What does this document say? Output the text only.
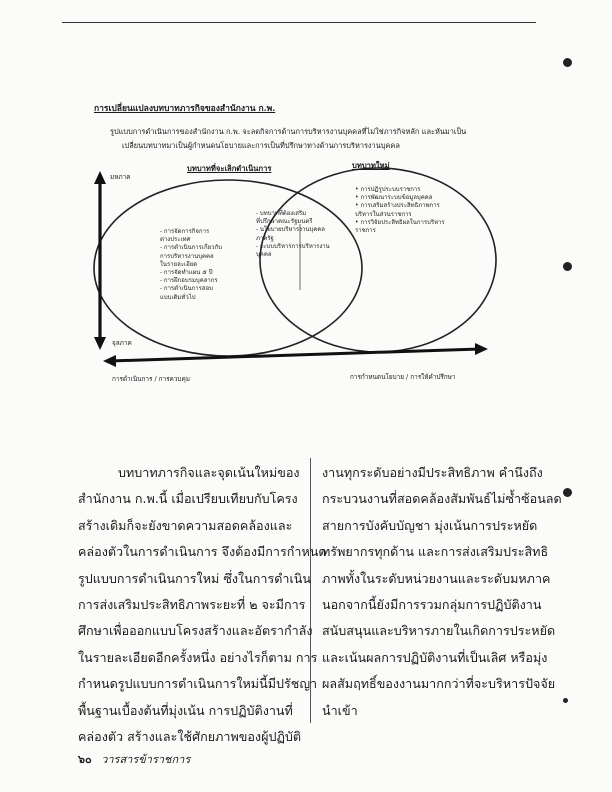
การเปลี่ยนแปลงบทบาทภารกิจของสำนักงาน ก.พ.
รูปแบบการดำเนินการของสำนักงาน ก.พ. จะลดกิจการด้านการบริหารงานบุคคลที่ไม่ใช่ภารกิจหลัก และหันมาเป็น
เปลี่ยนบทบาทมาเป็นผู้กำหนดนโยบายและการเป็นที่ปรึกษาทางด้านการบริหารงานบุคคล
บทบาทที่จะเลิกดำเนินการ	บทบาทใหม่
มหภาค
จุลภาค
การดำเนินการ / การควบคุม	การกำหนดนโยบาย / การให้คำปรึกษา
- การจัดการกิจการ
ต่างประเทศ
- การดำเนินการเกี่ยวกับ
การบริหารงานบุคคล
ในรายละเอียด
- การจัดทำแผน ๕ ปี
- การฝึกอบรมบุคลากร
- การดำเนินการสอบ
แบบเดิมทั่วไป
- บทบาทที่ต้องเสริม
ที่ปรึกษาคณะรัฐมนตรี
- นโยบายบริหารงานบุคคล
ภาครัฐ
- ระบบบริหารการบริหารงาน
บุคคล
• การปฏิรูประบบราชการ
• การพัฒนาระบบข้อมูลบุคคล
• การเสริมสร้างประสิทธิภาพการ
บริหารในส่วนราชการ
• การวิจัยประสิทธิผลในการบริหาร
ราชการ
บทบาทภารกิจและจุดเน้นใหม่ของ
สำนักงาน ก.พ.นี้ เมื่อเปรียบเทียบกับโครง
สร้างเดิมก็จะยังขาดความสอดคล้องและ
คล่องตัวในการดำเนินการ จึงต้องมีการกำหนด
รูปแบบการดำเนินการใหม่ ซึ่งในการดำเนิน
การส่งเสริมประสิทธิภาพระยะที่ ๒ จะมีการ
ศึกษาเพื่อออกแบบโครงสร้างและอัตรากำลัง
ในรายละเอียดอีกครั้งหนึ่ง อย่างไรก็ตาม การ
กำหนดรูปแบบการดำเนินการใหม่นี้มีปรัชญา
พื้นฐานเบื้องต้นที่มุ่งเน้น การปฏิบัติงานที่
คล่องตัว สร้างและใช้ศักยภาพของผู้ปฏิบัติ
งานทุกระดับอย่างมีประสิทธิภาพ คำนึงถึง
กระบวนงานที่สอดคล้องสัมพันธ์ไม่ซ้ำซ้อนลด
สายการบังคับบัญชา มุ่งเน้นการประหยัด
ทรัพยากรทุกด้าน และการส่งเสริมประสิทธิ
ภาพทั้งในระดับหน่วยงานและระดับมหภาค
นอกจากนี้ยังมีการรวมกลุ่มการปฏิบัติงาน
สนับสนุนและบริหารภายในเกิดการประหยัด
และเน้นผลการปฏิบัติงานที่เป็นเลิศ หรือมุ่ง
ผลสัมฤทธิ์ของงานมากกว่าที่จะบริหารปัจจัย
นำเข้า
๖๐ วารสารข้าราชการ
